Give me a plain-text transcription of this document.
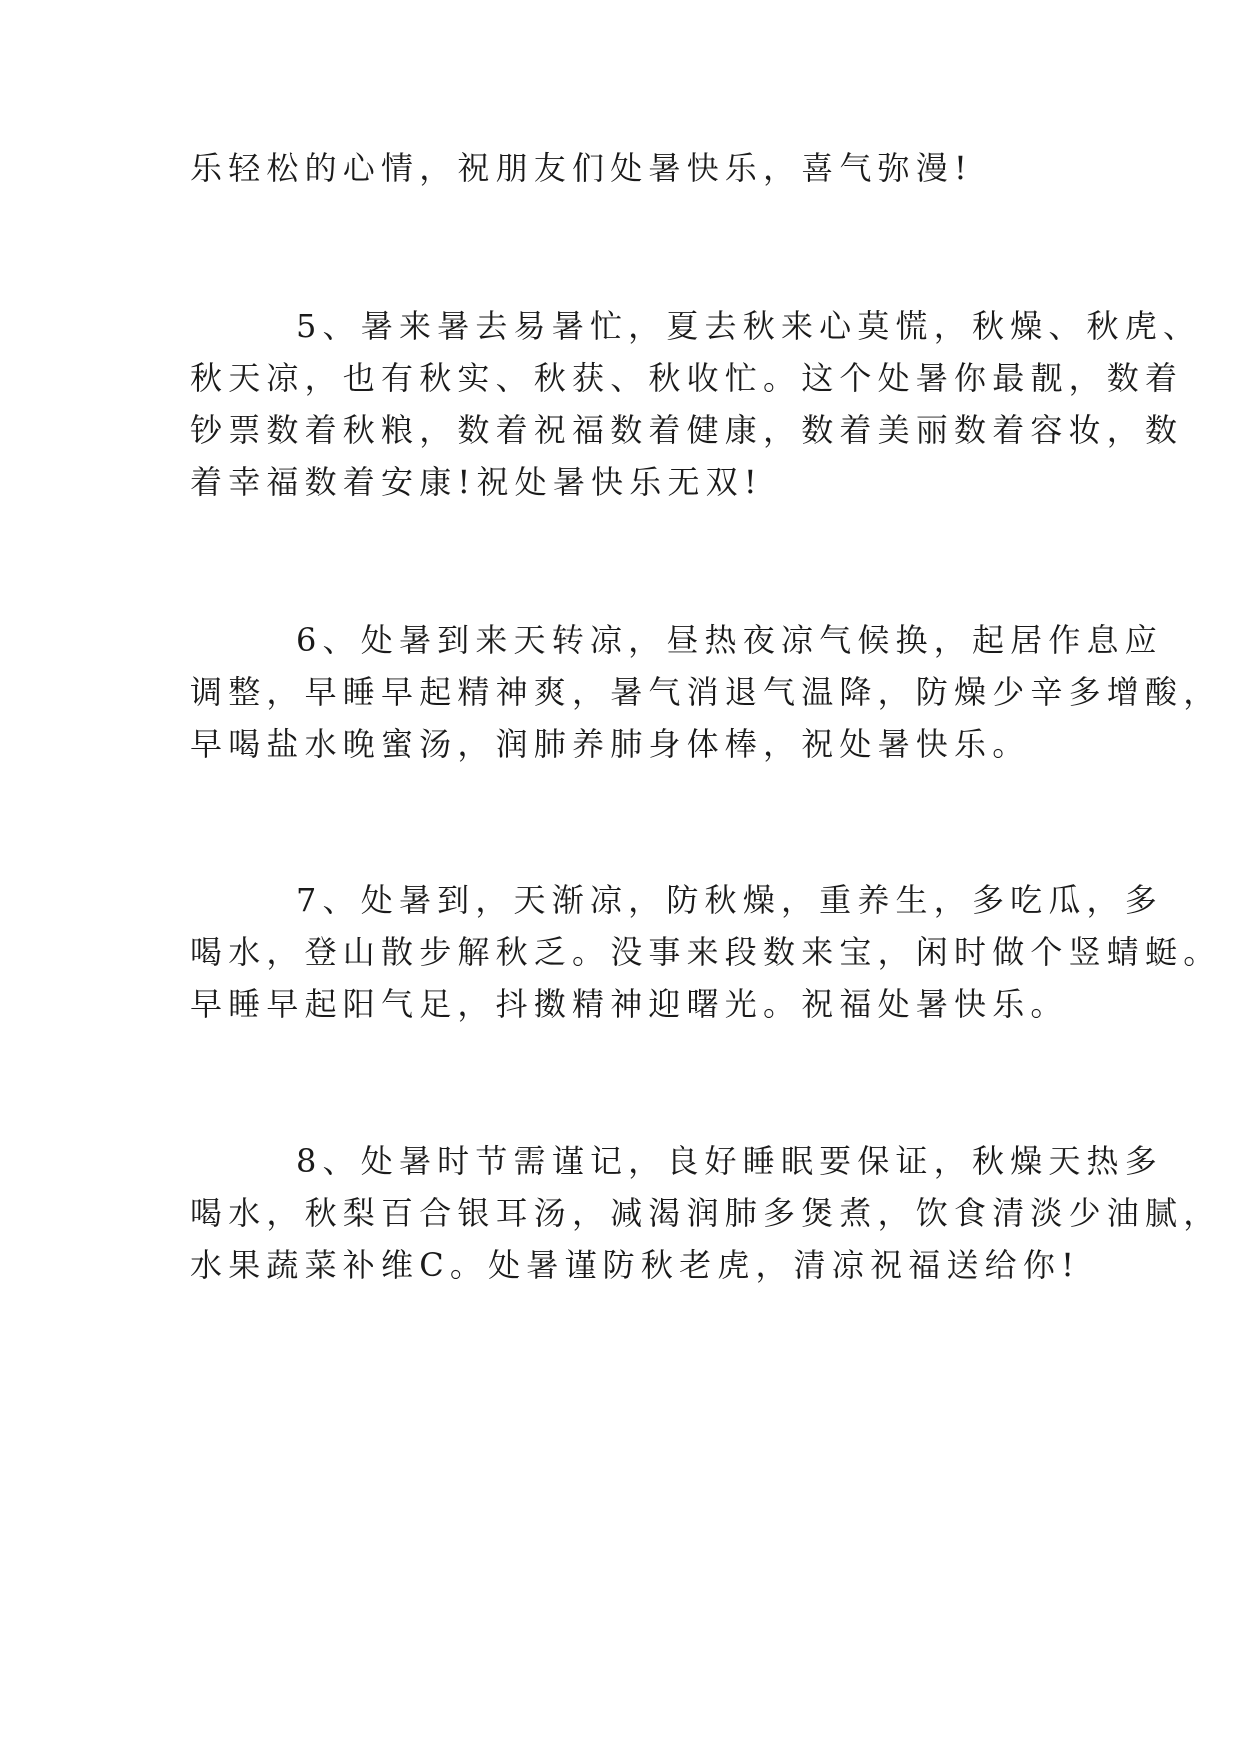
乐轻松的心情，祝朋友们处暑快乐，喜气弥漫!
5、暑来暑去易暑忙，夏去秋来心莫慌，秋燥、秋虎、
秋天凉，也有秋实、秋获、秋收忙。这个处暑你最靓，数着
钞票数着秋粮，数着祝福数着健康，数着美丽数着容妆，数
着幸福数着安康!祝处暑快乐无双!
6、处暑到来天转凉，昼热夜凉气候换，起居作息应
调整，早睡早起精神爽，暑气消退气温降，防燥少辛多增酸，
早喝盐水晚蜜汤，润肺养肺身体棒，祝处暑快乐。
7、处暑到，天渐凉，防秋燥，重养生，多吃瓜，多
喝水，登山散步解秋乏。没事来段数来宝，闲时做个竖蜻蜓。
早睡早起阳气足，抖擞精神迎曙光。祝福处暑快乐。
8、处暑时节需谨记，良好睡眠要保证，秋燥天热多
喝水，秋梨百合银耳汤，减渴润肺多煲煮，饮食清淡少油腻，
水果蔬菜补维C。处暑谨防秋老虎，清凉祝福送给你!
